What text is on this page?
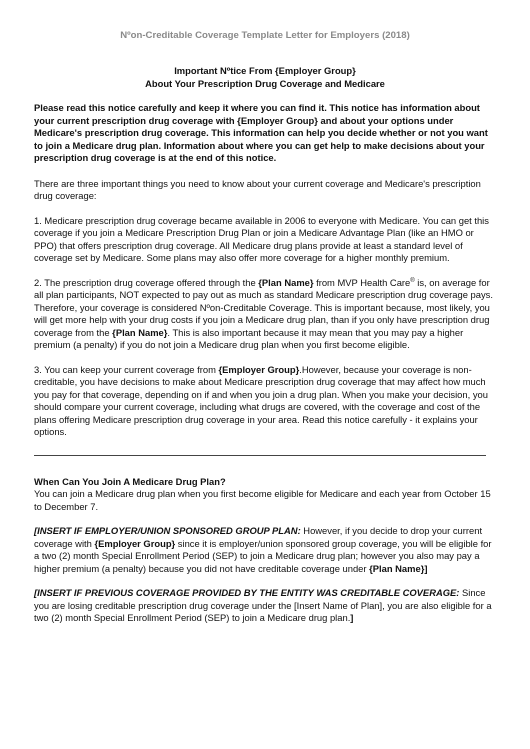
Nºon-Creditable Coverage Template Letter for Employers (2018)
Important Nºtice From {Employer Group}
About Your Prescription Drug Coverage and Medicare
Please read this notice carefully and keep it where you can find it. This notice has information about your current prescription drug coverage with {Employer Group} and about your options under Medicare's prescription drug coverage. This information can help you decide whether or not you want to join a Medicare drug plan. Information about where you can get help to make decisions about your prescription drug coverage is at the end of this notice.

There are three important things you need to know about your current coverage and Medicare's prescription drug coverage:

1. Medicare prescription drug coverage became available in 2006 to everyone with Medicare. You can get this coverage if you join a Medicare Prescription Drug Plan or join a Medicare Advantage Plan (like an HMO or PPO) that offers prescription drug coverage. All Medicare drug plans provide at least a standard level of coverage set by Medicare. Some plans may also offer more coverage for a higher monthly premium.

2. The prescription drug coverage offered through the {Plan Name} from MVP Health Care® is, on average for all plan participants, NOT expected to pay out as much as standard Medicare prescription drug coverage pays. Therefore, your coverage is considered Nºon-Creditable Coverage. This is important because, most likely, you will get more help with your drug costs if you join a Medicare drug plan, than if you only have prescription drug coverage from the {Plan Name}. This is also important because it may mean that you may pay a higher premium (a penalty) if you do not join a Medicare drug plan when you first become eligible.

3. You can keep your current coverage from {Employer Group}.However, because your coverage is non-creditable, you have decisions to make about Medicare prescription drug coverage that may affect how much you pay for that coverage, depending on if and when you join a drug plan. When you make your decision, you should compare your current coverage, including what drugs are covered, with the coverage and cost of the plans offering Medicare prescription drug coverage in your area. Read this notice carefully - it explains your options.

When Can You Join A Medicare Drug Plan?

You can join a Medicare drug plan when you first become eligible for Medicare and each year from October 15 to December 7.

[INSERT IF EMPLOYER/UNION SPONSORED GROUP PLAN: However, if you decide to drop your current coverage with {Employer Group} since it is employer/union sponsored group coverage, you will be eligible for a two (2) month Special Enrollment Period (SEP) to join a Medicare drug plan; however you also may pay a higher premium (a penalty) because you did not have creditable coverage under {Plan Name}]

[INSERT IF PREVIOUS COVERAGE PROVIDED BY THE ENTITY WAS CREDITABLE COVERAGE: Since you are losing creditable prescription drug coverage under the [Insert Name of Plan], you are also eligible for a two (2) month Special Enrollment Period (SEP) to join a Medicare drug plan.]
